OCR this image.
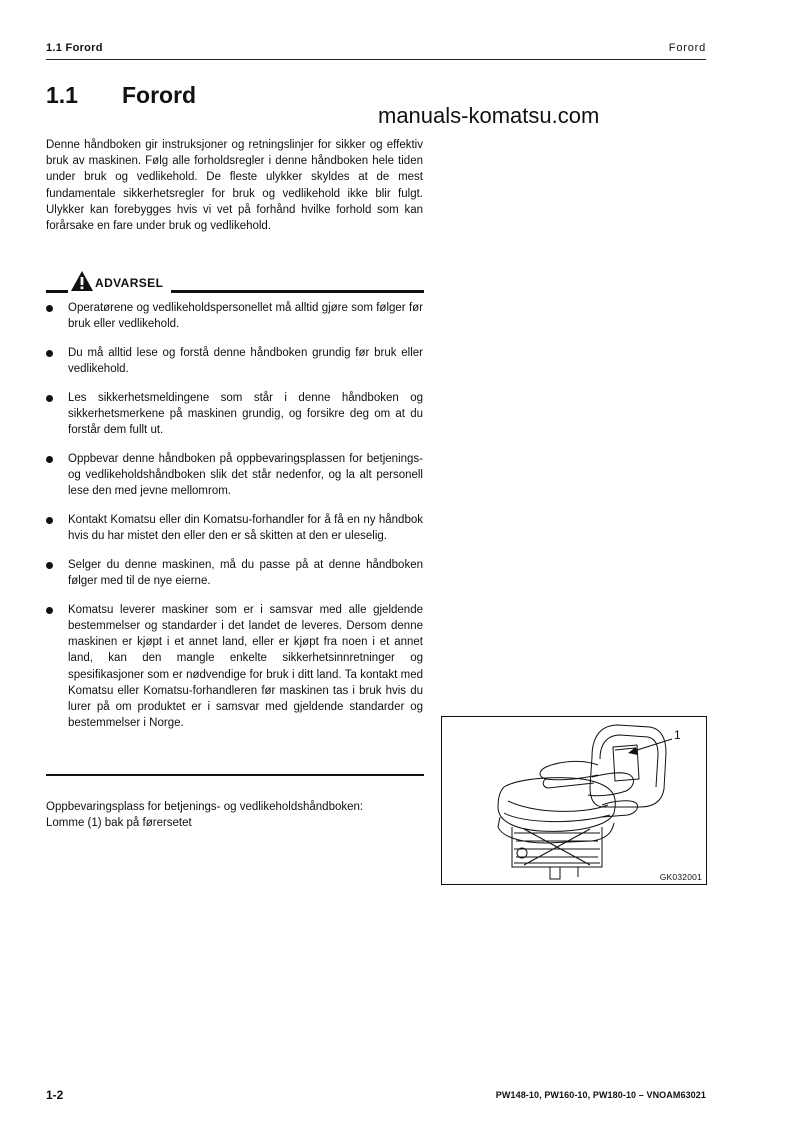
1.1 Forord	Forord
1.1 Forord
manuals-komatsu.com

Denne håndboken gir instruksjoner og retningslinjer for sikker og effektiv bruk av maskinen. Følg alle forholdsregler i denne håndboken hele tiden under bruk og vedlikehold. De fleste ulykker skyldes at de mest fundamentale sikkerhetsregler for bruk og vedlikehold ikke blir fulgt. Ulykker kan forebygges hvis vi vet på forhånd hvilke forhold som kan forårsake en fare under bruk og vedlikehold.

ADVARSEL
Operatørene og vedlikeholdspersonellet må alltid gjøre som følger før bruk eller vedlikehold.
Du må alltid lese og forstå denne håndboken grundig før bruk eller vedlikehold.
Les sikkerhetsmeldingene som står i denne håndboken og sikkerhetsmerkene på maskinen grundig, og forsikre deg om at du forstår dem fullt ut.
Oppbevar denne håndboken på oppbevaringsplassen for betjenings- og vedlikeholdshåndboken slik det står nedenfor, og la alt personell lese den med jevne mellomrom.
Kontakt Komatsu eller din Komatsu-forhandler for å få en ny håndbok hvis du har mistet den eller den er så skitten at den er uleselig.
Selger du denne maskinen, må du passe på at denne håndboken følger med til de nye eierne.
Komatsu leverer maskiner som er i samsvar med alle gjeldende bestemmelser og standarder i det landet de leveres. Dersom denne maskinen er kjøpt i et annet land, eller er kjøpt fra noen i et annet land, kan den mangle enkelte sikkerhetsinnretninger og spesifikasjoner som er nødvendige for bruk i ditt land. Ta kontakt med Komatsu eller Komatsu-forhandleren før maskinen tas i bruk hvis du lurer på om produktet er i samsvar med gjeldende standarder og bestemmelser i Norge.
Oppbevaringsplass for betjenings- og vedlikeholdshåndboken:
Lomme (1) bak på førersetet
1
GK032001
1-2	PW148-10, PW160-10, PW180-10 – VNOAM63021
